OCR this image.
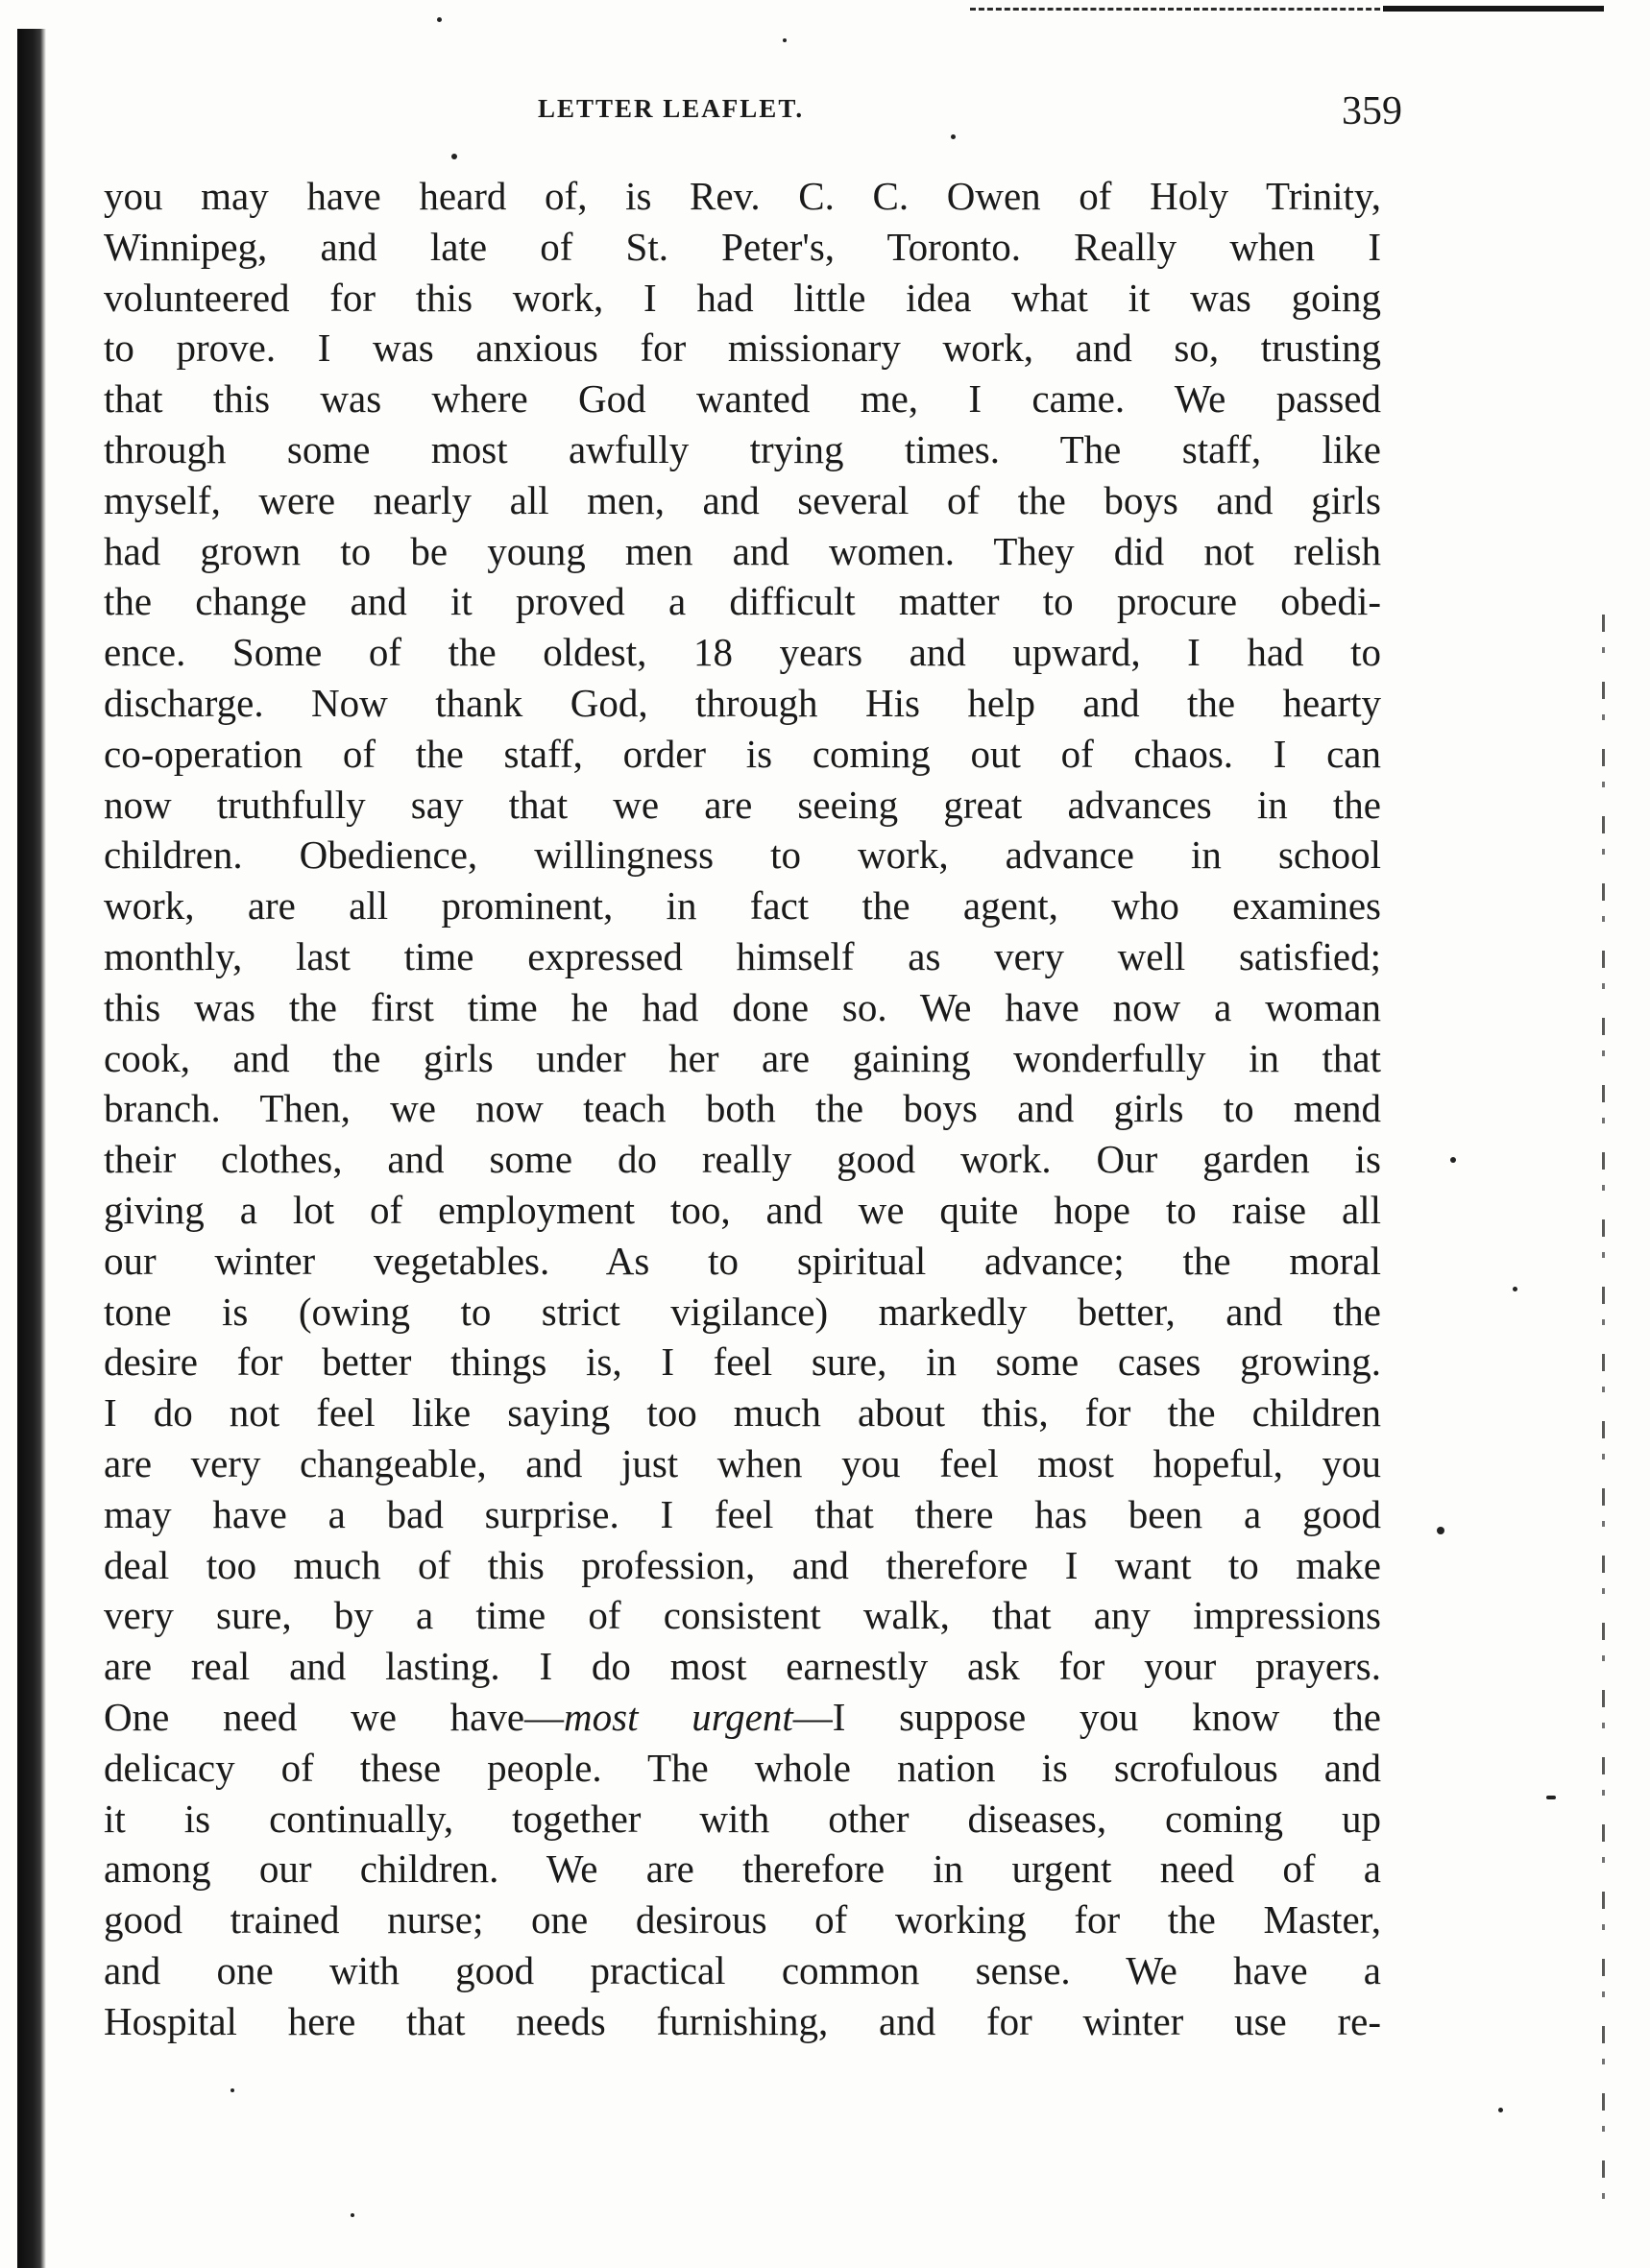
LETTER LEAFLET.	359
you may have heard of, is Rev. C. C. Owen of Holy Trinity,
Winnipeg, and late of St. Peter's, Toronto. Really when I
volunteered for this work, I had little idea what it was going
to prove. I was anxious for missionary work, and so, trusting
that this was where God wanted me, I came. We passed
through some most awfully trying times. The staff, like
myself, were nearly all men, and several of the boys and girls
had grown to be young men and women. They did not relish
the change and it proved a difficult matter to procure obedi-
ence. Some of the oldest, 18 years and upward, I had to
discharge. Now thank God, through His help and the hearty
co-operation of the staff, order is coming out of chaos. I can
now truthfully say that we are seeing great advances in the
children. Obedience, willingness to work, advance in school
work, are all prominent, in fact the agent, who examines
monthly, last time expressed himself as very well satisfied;
this was the first time he had done so. We have now a woman
cook, and the girls under her are gaining wonderfully in that
branch. Then, we now teach both the boys and girls to mend
their clothes, and some do really good work. Our garden is
giving a lot of employment too, and we quite hope to raise all
our winter vegetables. As to spiritual advance; the moral
tone is (owing to strict vigilance) markedly better, and the
desire for better things is, I feel sure, in some cases growing.
I do not feel like saying too much about this, for the children
are very changeable, and just when you feel most hopeful, you
may have a bad surprise. I feel that there has been a good
deal too much of this profession, and therefore I want to make
very sure, by a time of consistent walk, that any impressions
are real and lasting. I do most earnestly ask for your prayers.
One need we have—most urgent—I suppose you know the
delicacy of these people. The whole nation is scrofulous and
it is continually, together with other diseases, coming up
among our children. We are therefore in urgent need of a
good trained nurse; one desirous of working for the Master,
and one with good practical common sense. We have a
Hospital here that needs furnishing, and for winter use re-
